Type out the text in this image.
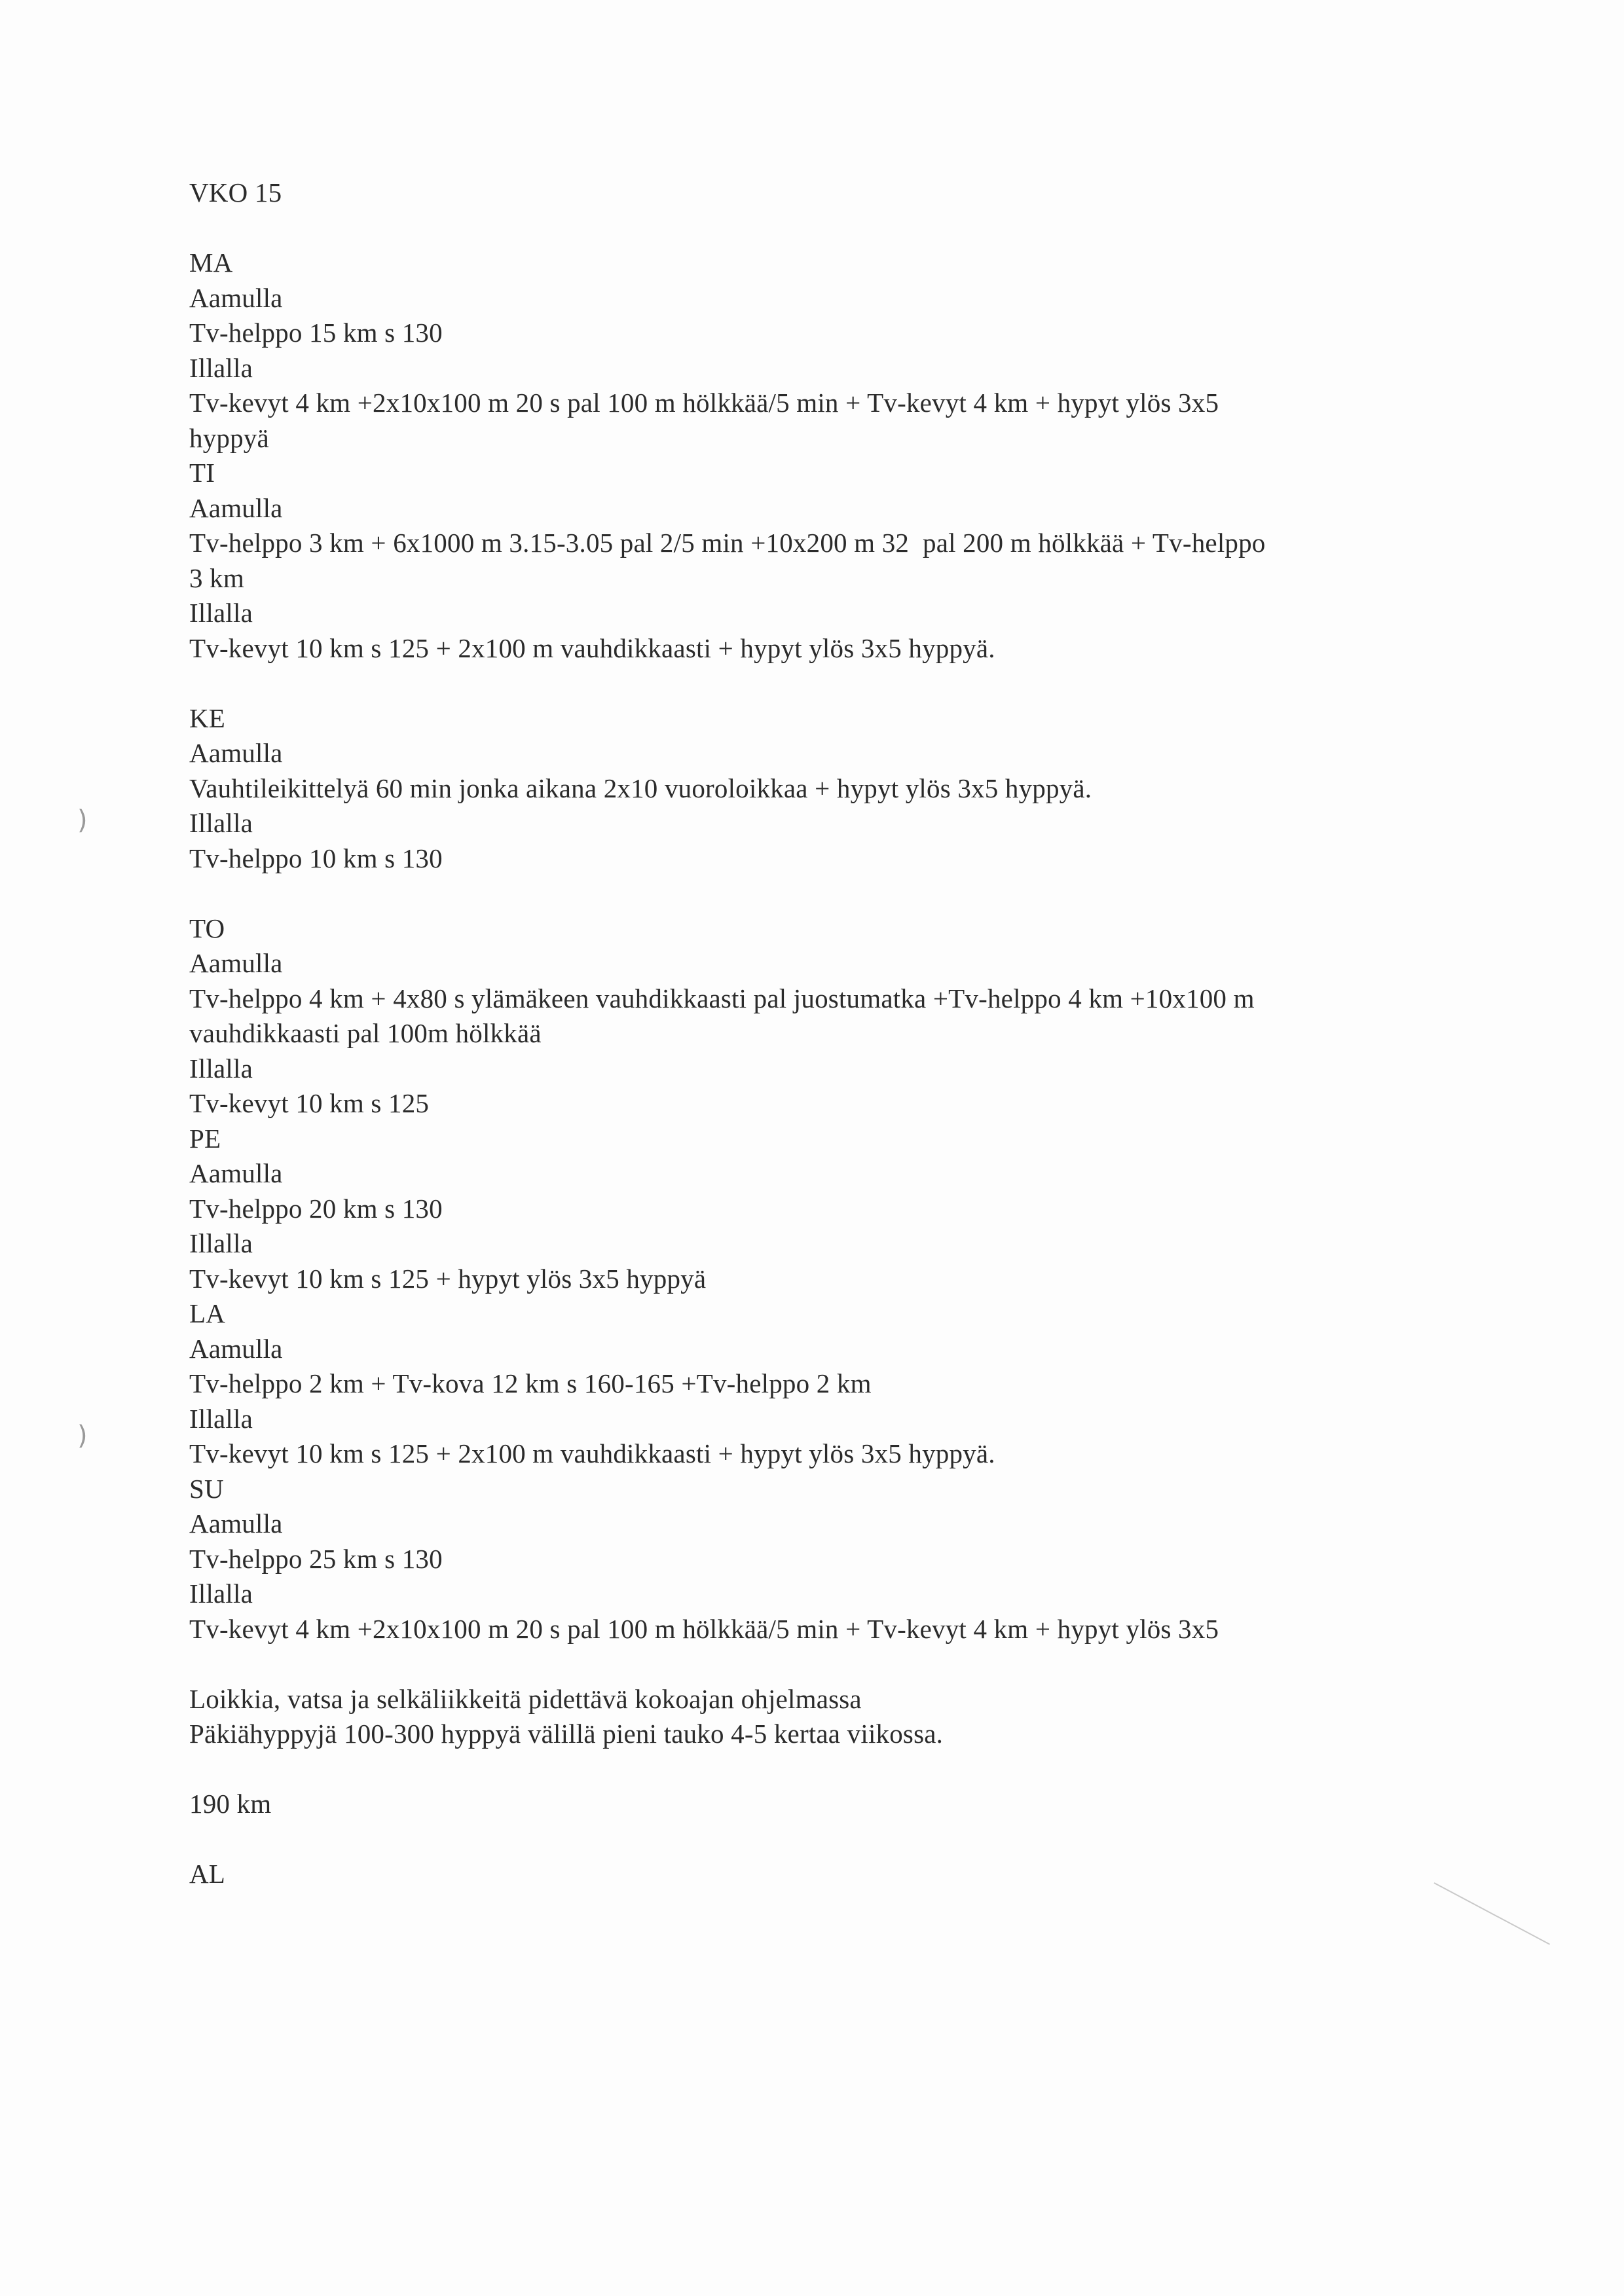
)
)
VKO 15
MA
Aamulla
Tv-helppo 15 km s 130
Illalla
Tv-kevyt 4 km +2x10x100 m 20 s pal 100 m hölkkää/5 min + Tv-kevyt 4 km + hypyt ylös 3x5
hyppyä
TI
Aamulla
Tv-helppo 3 km + 6x1000 m 3.15-3.05 pal 2/5 min +10x200 m 32  pal 200 m hölkkää + Tv-helppo
3 km
Illalla
Tv-kevyt 10 km s 125 + 2x100 m vauhdikkaasti + hypyt ylös 3x5 hyppyä.
KE
Aamulla
Vauhtileikittelyä 60 min jonka aikana 2x10 vuoroloikkaa + hypyt ylös 3x5 hyppyä.
Illalla
Tv-helppo 10 km s 130
TO
Aamulla
Tv-helppo 4 km + 4x80 s ylämäkeen vauhdikkaasti pal juostumatka +Tv-helppo 4 km +10x100 m
vauhdikkaasti pal 100m hölkkää
Illalla
Tv-kevyt 10 km s 125
PE
Aamulla
Tv-helppo 20 km s 130
Illalla
Tv-kevyt 10 km s 125 + hypyt ylös 3x5 hyppyä
LA
Aamulla
Tv-helppo 2 km + Tv-kova 12 km s 160-165 +Tv-helppo 2 km
Illalla
Tv-kevyt 10 km s 125 + 2x100 m vauhdikkaasti + hypyt ylös 3x5 hyppyä.
SU
Aamulla
Tv-helppo 25 km s 130
Illalla
Tv-kevyt 4 km +2x10x100 m 20 s pal 100 m hölkkää/5 min + Tv-kevyt 4 km + hypyt ylös 3x5
Loikkia, vatsa ja selkäliikkeitä pidettävä kokoajan ohjelmassa
Päkiähyppyjä 100-300 hyppyä välillä pieni tauko 4-5 kertaa viikossa.
190 km
AL
